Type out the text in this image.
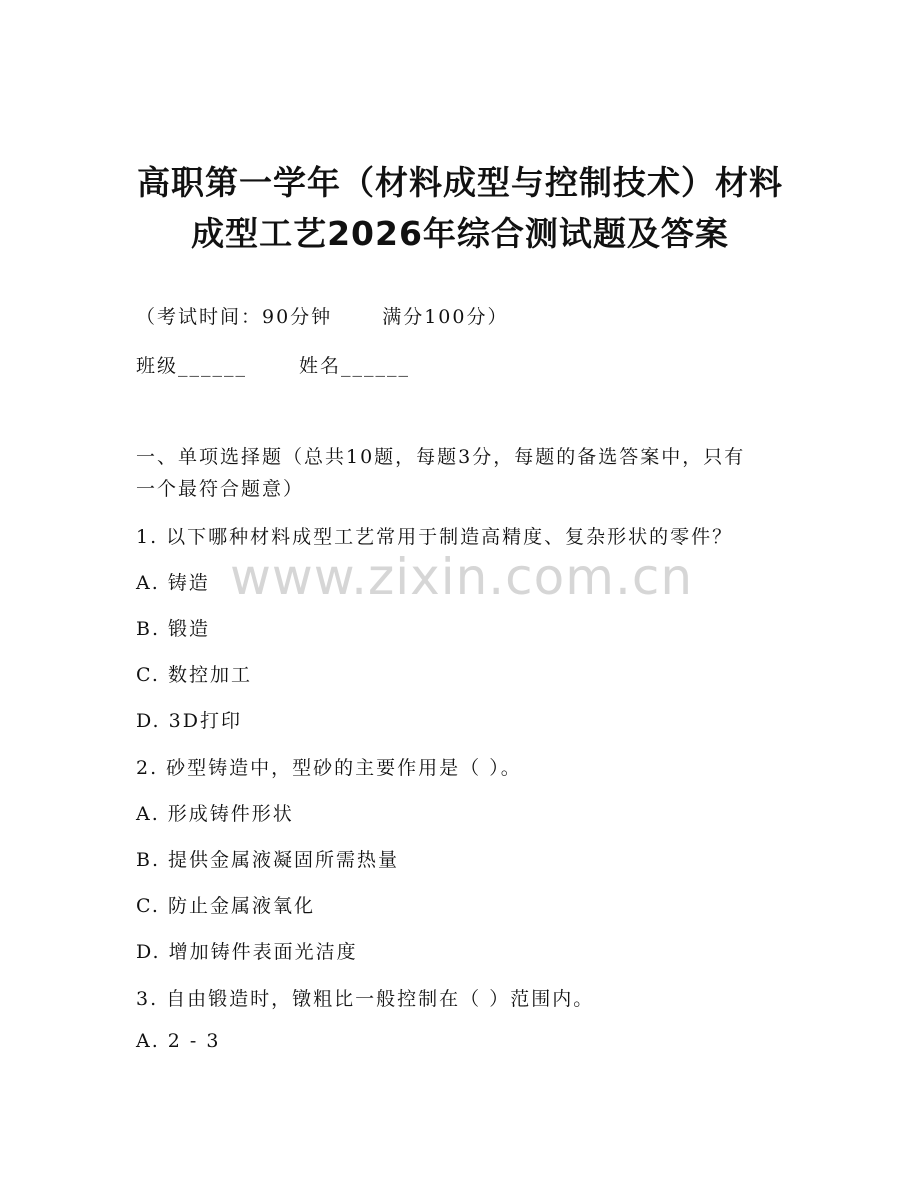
高职第一学年（材料成型与控制技术）材料
成型工艺2026年综合测试题及答案
（考试时间：90分钟	满分100分）
班级______	姓名______
一、单项选择题（总共10题，每题3分，每题的备选答案中，只有
一个最符合题意）
1. 以下哪种材料成型工艺常用于制造高精度、复杂形状的零件？
A. 铸造
B. 锻造
C. 数控加工
D. 3D打印
2. 砂型铸造中，型砂的主要作用是（ ）。
A. 形成铸件形状
B. 提供金属液凝固所需热量
C. 防止金属液氧化
D. 增加铸件表面光洁度
3. 自由锻造时，镦粗比一般控制在（ ）范围内。
A. 2 - 3
www.zixin.com.cn
